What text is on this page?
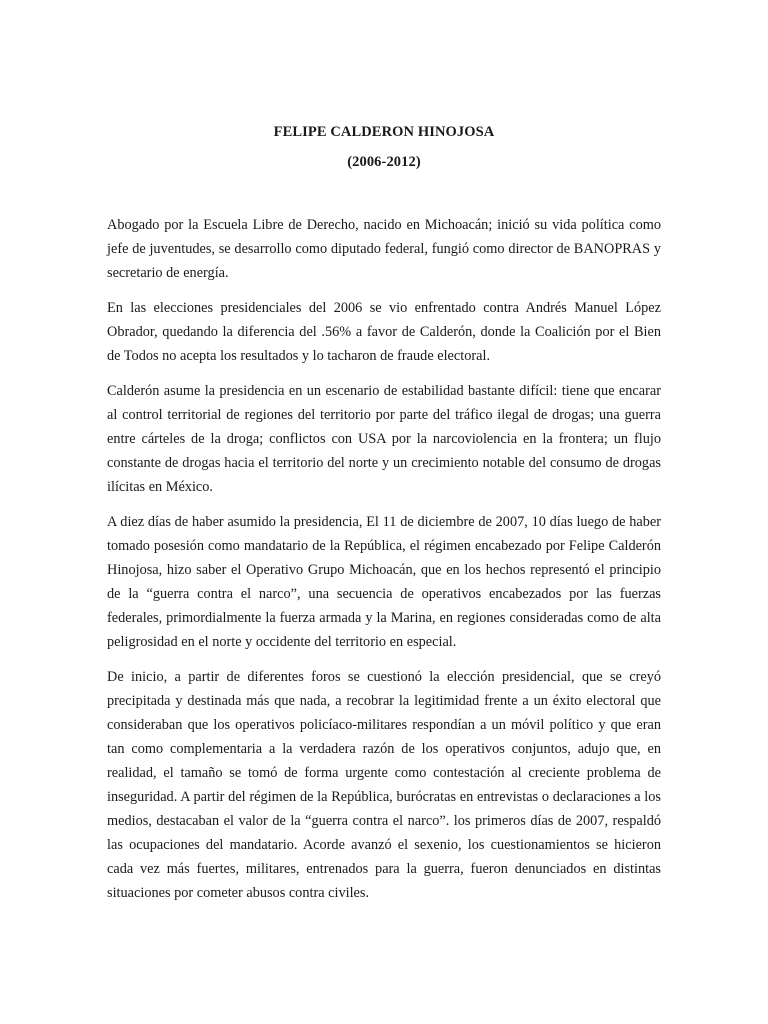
FELIPE CALDERON HINOJOSA
(2006-2012)

Abogado por la Escuela Libre de Derecho, nacido en Michoacán; inició su vida política como jefe de juventudes, se desarrollo como diputado federal, fungió como director de BANOPRAS y secretario de energía.

En las elecciones presidenciales del 2006 se vio enfrentado contra Andrés Manuel López Obrador, quedando la diferencia del .56% a favor de Calderón, donde la Coalición por el Bien de Todos no acepta los resultados y lo tacharon de fraude electoral.

Calderón asume la presidencia en un escenario de estabilidad bastante difícil: tiene que encarar al control territorial de regiones del territorio por parte del tráfico ilegal de drogas; una guerra entre cárteles de la droga; conflictos con USA por la narcoviolencia en la frontera; un flujo constante de drogas hacia el territorio del norte y un crecimiento notable del consumo de drogas ilícitas en México.

A diez días de haber asumido la presidencia, El 11 de diciembre de 2007, 10 días luego de haber tomado posesión como mandatario de la República, el régimen encabezado por Felipe Calderón Hinojosa, hizo saber el Operativo Grupo Michoacán, que en los hechos representó el principio de la “guerra contra el narco”, una secuencia de operativos encabezados por las fuerzas federales, primordialmente la fuerza armada y la Marina, en regiones consideradas como de alta peligrosidad en el norte y occidente del territorio en especial.

De inicio, a partir de diferentes foros se cuestionó la elección presidencial, que se creyó precipitada y destinada más que nada, a recobrar la legitimidad frente a un éxito electoral que consideraban que los operativos policíaco-militares respondían a un móvil político y que eran tan como complementaria a la verdadera razón de los operativos conjuntos, adujo que, en realidad, el tamaño se tomó de forma urgente como contestación al creciente problema de inseguridad. A partir del régimen de la República, burócratas en entrevistas o declaraciones a los medios, destacaban el valor de la “guerra contra el narco”. los primeros días de 2007, respaldó las ocupaciones del mandatario. Acorde avanzó el sexenio, los cuestionamientos se hicieron cada vez más fuertes, militares, entrenados para la guerra, fueron denunciados en distintas situaciones por cometer abusos contra civiles.
